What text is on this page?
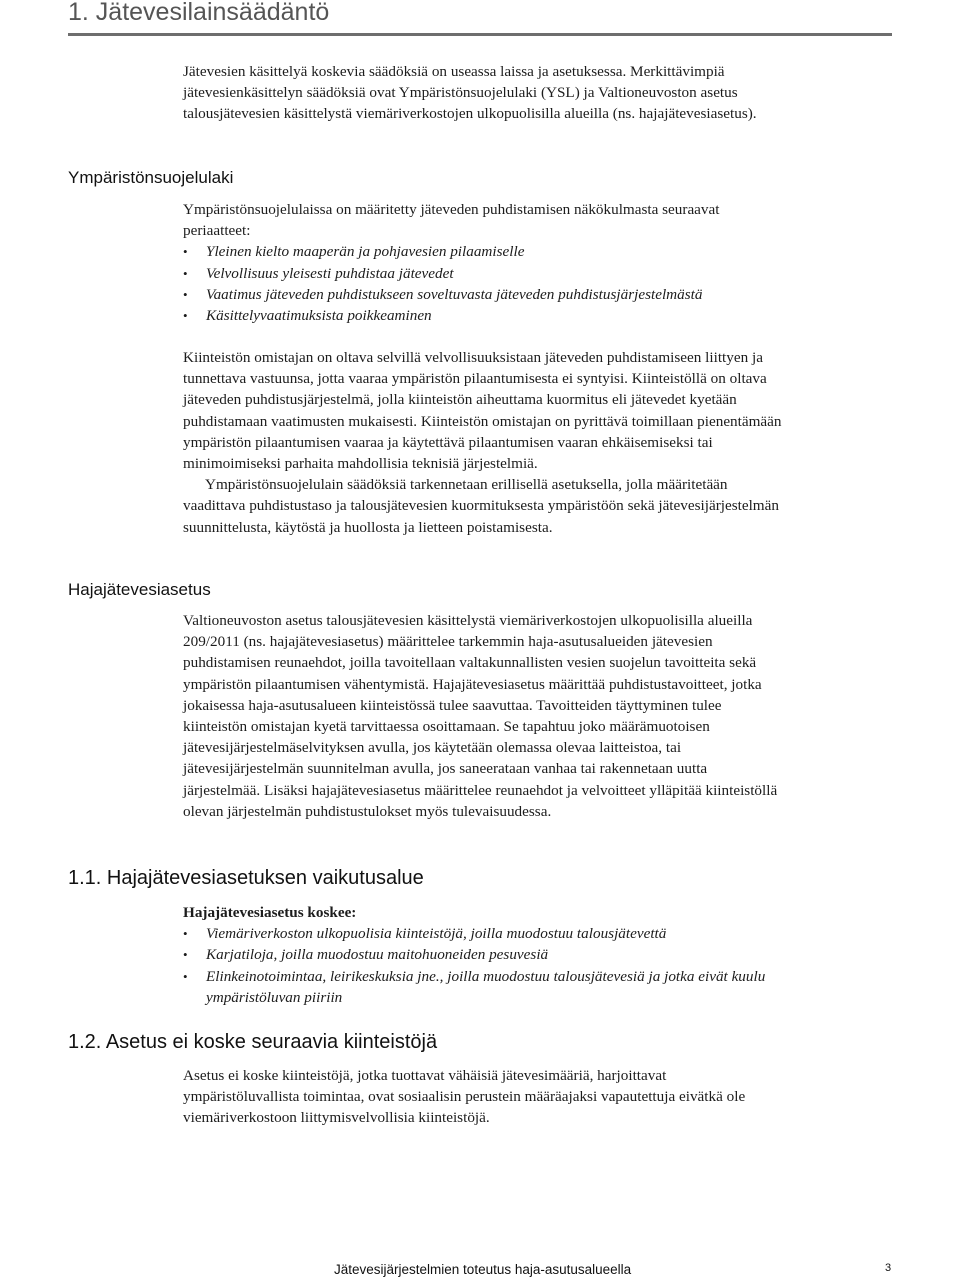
1. Jätevesilainsäädäntö

Jätevesien käsittelyä koskevia säädöksiä on useassa laissa ja asetuksessa. Merkittävimpiä jätevesienkäsittelyn säädöksiä ovat Ympäristönsuojelulaki (YSL) ja Valtioneuvoston asetus talousjätevesien käsittelystä viemäriverkostojen ulkopuolisilla alueilla (ns. hajajätevesiasetus).

Ympäristönsuojelulaki

Ympäristönsuojelulaissa on määritetty jäteveden puhdistamisen näkökulmasta seuraavat periaatteet:

• Yleinen kielto maaperän ja pohjavesien pilaamiselle
• Velvollisuus yleisesti puhdistaa jätevedet
• Vaatimus jäteveden puhdistukseen soveltuvasta jäteveden puhdistusjärjestelmästä
• Käsittelyvaatimuksista poikkeaminen

Kiinteistön omistajan on oltava selvillä velvollisuuksistaan jäteveden puhdistamiseen liittyen ja tunnettava vastuunsa, jotta vaaraa ympäristön pilaantumisesta ei syntyisi. Kiinteistöllä on oltava jäteveden puhdistusjärjestelmä, jolla kiinteistön aiheuttama kuormitus eli jätevedet kyetään puhdistamaan vaatimusten mukaisesti. Kiinteistön omistajan on pyrittävä toimillaan pienentämään ympäristön pilaantumisen vaaraa ja käytettävä pilaantumisen vaaran ehkäisemiseksi tai minimoimiseksi parhaita mahdollisia teknisiä järjestelmiä.

Ympäristönsuojelulain säädöksiä tarkennetaan erillisellä asetuksella, jolla määritetään vaadittava puhdistustaso ja talousjätevesien kuormituksesta ympäristöön sekä jätevesijärjestelmän suunnittelusta, käytöstä ja huollosta ja lietteen poistamisesta.

Hajajätevesiasetus

Valtioneuvoston asetus talousjätevesien käsittelystä viemäriverkostojen ulkopuolisilla alueilla 209/2011 (ns. hajajätevesiasetus) määrittelee tarkemmin haja-asutusalueiden jätevesien puhdistamisen reunaehdot, joilla tavoitellaan valtakunnallisten vesien suojelun tavoitteita sekä ympäristön pilaantumisen vähentymistä. Hajajätevesiasetus määrittää puhdistustavoitteet, jotka jokaisessa haja-asutusalueen kiinteistössä tulee saavuttaa. Tavoitteiden täyttyminen tulee kiinteistön omistajan kyetä tarvittaessa osoittamaan. Se tapahtuu joko määrämuotoisen jätevesijärjestelmäselvityksen avulla, jos käytetään olemassa olevaa laitteistoa, tai jätevesijärjestelmän suunnitelman avulla, jos saneerataan vanhaa tai rakennetaan uutta järjestelmää. Lisäksi hajajätevesiasetus määrittelee reunaehdot ja velvoitteet ylläpitää kiinteistöllä olevan järjestelmän puhdistustulokset myös tulevaisuudessa.

1.1. Hajajätevesiasetuksen vaikutusalue

Hajajätevesiasetus koskee:

• Viemäriverkoston ulkopuolisia kiinteistöjä, joilla muodostuu talousjätevettä
• Karjatiloja, joilla muodostuu maitohuoneiden pesuvesiä
• Elinkeinotoimintaa, leirikeskuksia jne., joilla muodostuu talousjätevesiä ja jotka eivät kuulu ympäristöluvan piiriin
1.2. Asetus ei koske seuraavia kiinteistöjä

Asetus ei koske kiinteistöjä, jotka tuottavat vähäisiä jätevesimääriä, harjoittavat ympäristöluvallista toimintaa, ovat sosiaalisin perustein määräajaksi vapautettuja eivätkä ole viemäriverkostoon liittymisvelvollisia kiinteistöjä.

Jätevesijärjestelmien toteutus haja-asutusalueella	3
